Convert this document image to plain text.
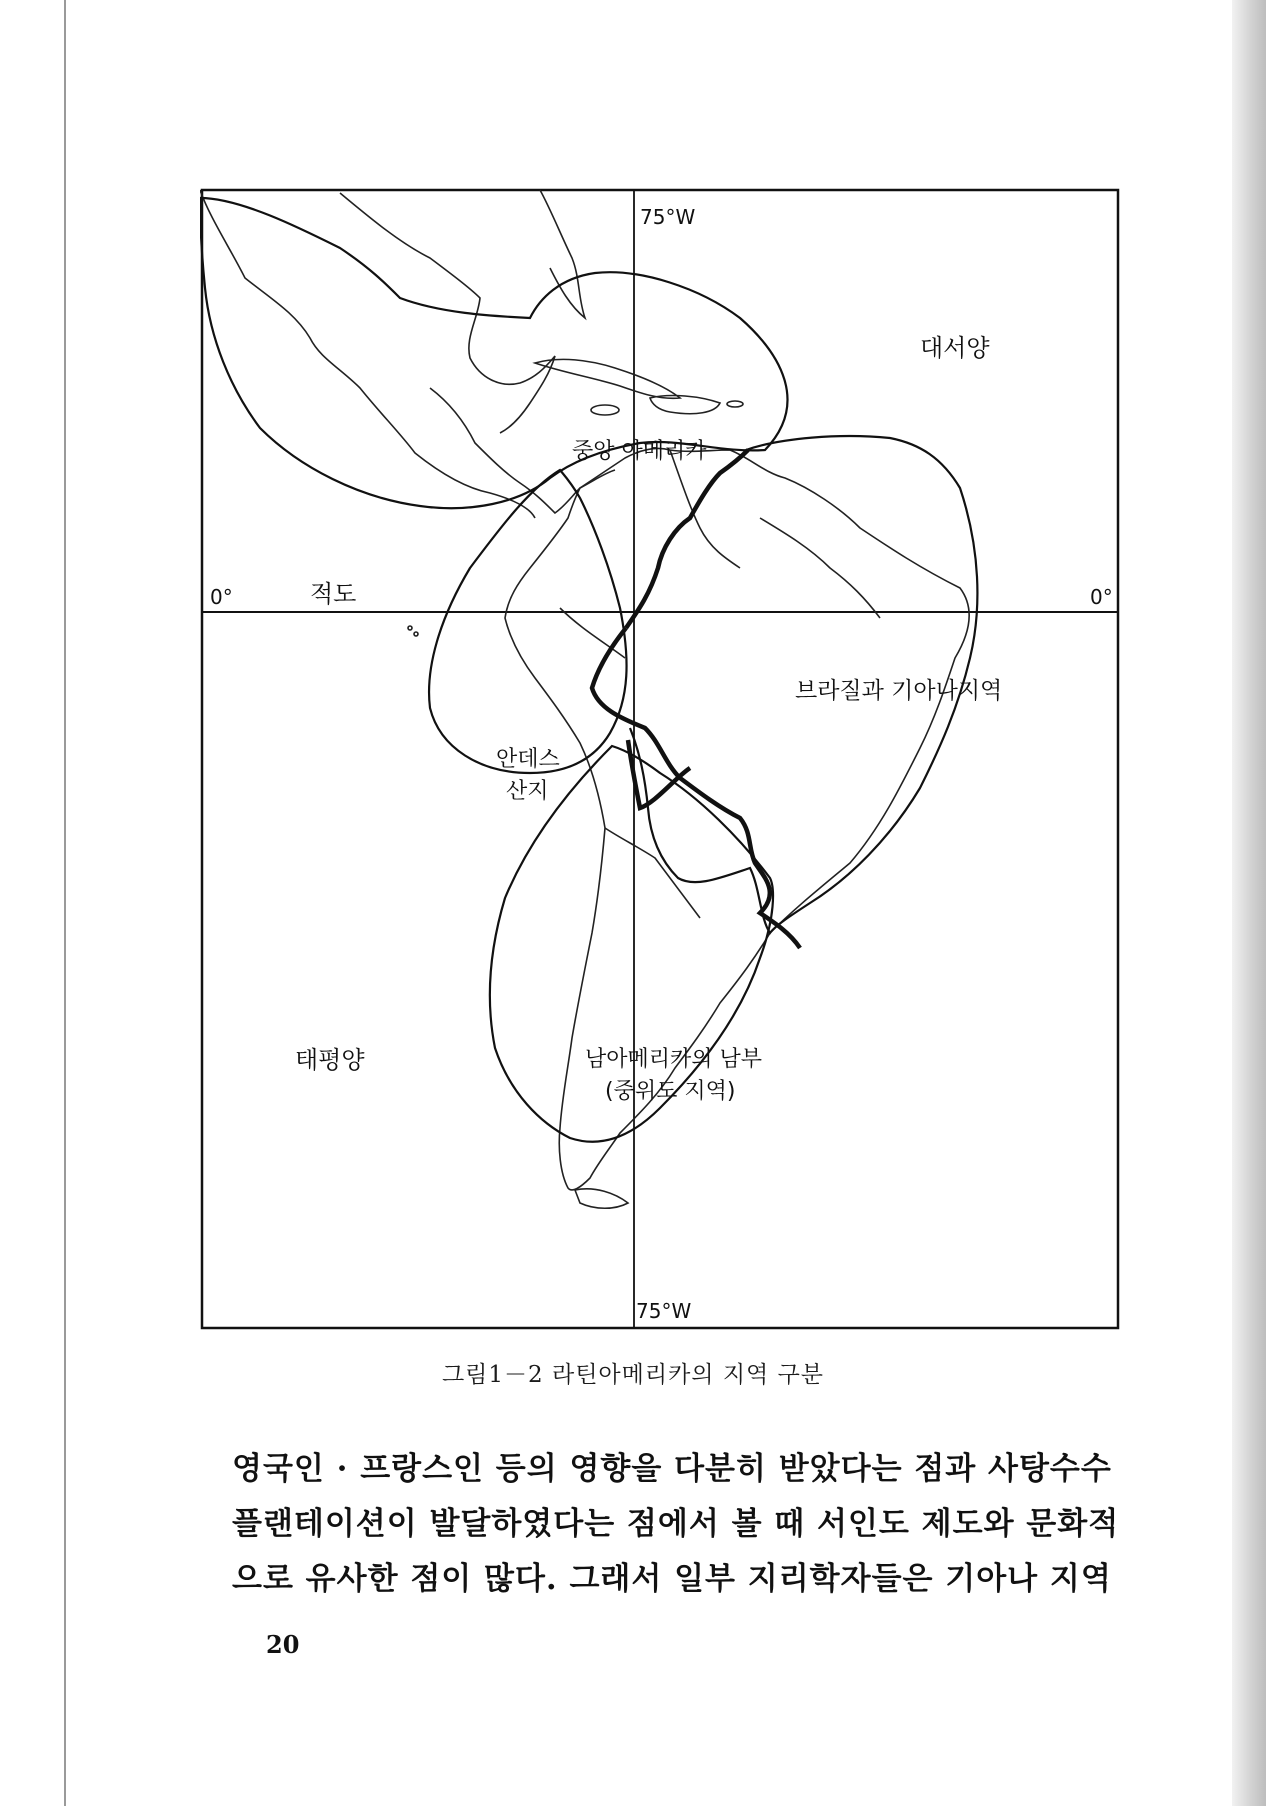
75°W
75°W
0°	0°
적도
대서양
태평양
중앙 아메리카
브라질과 기아나지역
안데스
산지
남아메리카의 남부
(중위도 지역)
그림1－2 라틴아메리카의 지역 구분
영국인 · 프랑스인 등의 영향을 다분히 받았다는 점과 사탕수수
플랜테이션이 발달하였다는 점에서 볼 때 서인도 제도와 문화적
으로 유사한 점이 많다. 그래서 일부 지리학자들은 기아나 지역
20
